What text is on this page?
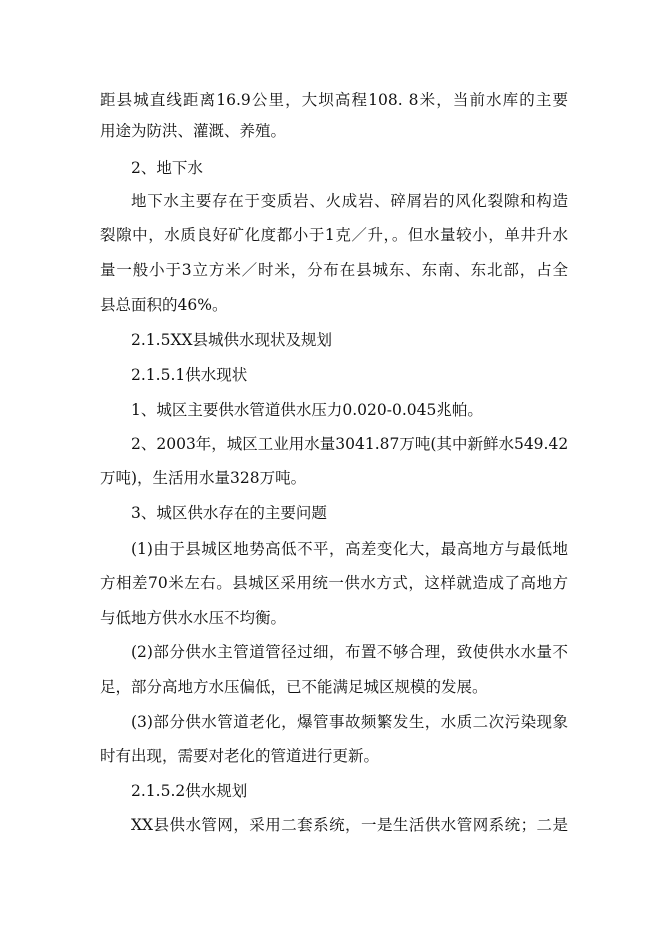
距县城直线距离16.9公里，大坝高程108. 8米，当前水库的主要
用途为防洪、灌溉、养殖。
2、地下水
地下水主要存在于变质岩、火成岩、碎屑岩的风化裂隙和构造
裂隙中，水质良好矿化度都小于1克／升，。但水量较小，单井升水
量一般小于3立方米／时米，分布在县城东、东南、东北部，占全
县总面积的46%。
2.1.5XX县城供水现状及规划
2.1.5.1供水现状
1、城区主要供水管道供水压力0.020-0.045兆帕。
2、2003年，城区工业用水量3041.87万吨(其中新鲜水549.42
万吨)，生活用水量328万吨。
3、城区供水存在的主要问题
(1)由于县城区地势高低不平，高差变化大，最高地方与最低地
方相差70米左右。县城区采用统一供水方式，这样就造成了高地方
与低地方供水水压不均衡。
(2)部分供水主管道管径过细，布置不够合理，致使供水水量不
足，部分高地方水压偏低，已不能满足城区规模的发展。
(3)部分供水管道老化，爆管事故频繁发生，水质二次污染现象
时有出现，需要对老化的管道进行更新。
2.1.5.2供水规划
XX县供水管网，采用二套系统，一是生活供水管网系统；二是
